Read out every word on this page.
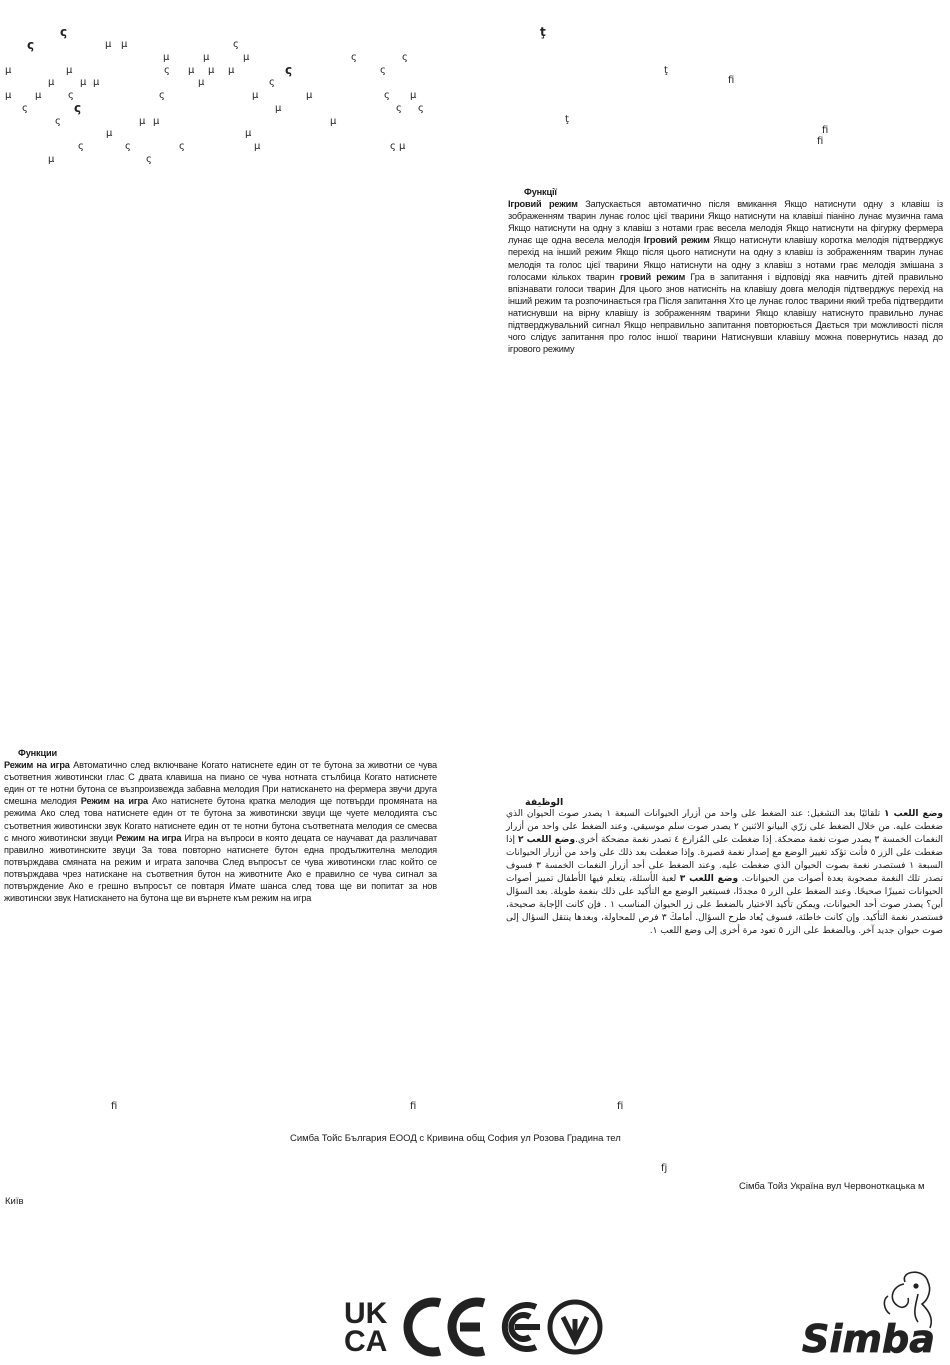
ς
ς	µ µ	ς
µ	µ	µ	ς	ς
µ	µ	ς µ µ µ	ς	ς
µ	µ µ	µ	ς
µ µ	ς	ς	µ	µ	ς µ
ς	ς	ς
µ
µ
ς
ς
µ	µ
µ	µ
ς	ς	ς	µ	ς µ
µ	ς
ţ
ţ
fi
ţ
fi
fi
Функції

Ігровий режим Запускається автоматично після вмикання Якщо натиснути одну з клавіш із зображенням тварин лунає голос цієї тварини Якщо натиснути на клавіші піаніно лунає музична гама Якщо натиснути на одну з клавіш з нотами грає весела мелодія Якщо натиснути на фігурку фермера лунає ще одна весела мелодія Ігровий режим Якщо натиснути клавішу коротка мелодія підтверджує перехід на інший режим Якщо після цього натиснути на одну з клавіш із зображенням тварин лунає мелодія та голос цієї тварини Якщо натиснути на одну з клавіш з нотами грає мелодія змішана з голосами кількох тварин гровий режим Гра в запитання і відповіді яка навчить дітей правильно впізнавати голоси тварин Для цього знов натисніть на клавішу довга мелодія підтверджує перехід на інший режим та розпочинається гра Після запитання Хто це лунає голос тварини який треба підтвердити натиснувши на вірну клавішу із зображенням тварини Якщо клавішу натиснуто правильно лунає підтверджувальний сигнал Якщо неправильно запитання повторюється Дається три можливості після чого слідує запитання про голос іншої тварини Натиснувши клавішу можна повернутись назад до ігрового режиму

Функции

Режим на игра Автоматично след включване Когато натиснете един от те бутона за животни се чува съответния животински глас С двата клавиша на пиано се чува нотната стълбица Когато натиснете един от те нотни бутона се възпроизвежда забавна мелодия При натискането на фермера звучи друга смешна мелодия Режим на игра Ако натиснете бутона кратка мелодия ще потвърди промяната на режима Ако след това натиснете един от те бутона за животински звуци ще чуете мелодията със съответния животински звук Когато натиснете един от те нотни бутона съответната мелодия се смесва с много животински звуци Режим на игра Игра на въпроси в която децата се научават да различават правилно животинските звуци За това повторно натиснете бутон една продължителна мелодия потвърждава смяната на режим и играта започва След въпросът се чува животински глас който се потвърждава чрез натискане на съответния бутон на животните Ако е правилно се чува сигнал за потвърждение Ако е грешно въпросът се повтаря Имате шанса след това ще ви попитат за нов животински звук Натискането на бутона ще ви върнете към режим на игра

الوظيفة

وضع اللعب ١ تلقائيًا بعد التشغيل: عند الضغط على واحد من أزرار الحيوانات السبعة ١ يصدر صوت الحيوان الذي ضغطت عليه. من خلال الضغط على زرّي البيانو الاثنين ٢ يصدر صوت سلم موسيقي. وعند الضغط على واحد من أزرار النغمات الخمسة ٣ يصدر صوت نغمة مضحكة. إذا ضغطت على المُزارع ٤ تصدر نغمة مضحكة أخرى.وضع اللعب ٢ إذا ضغطت على الزر ٥ فأنت تؤكد تغيير الوضع مع إصدار نغمة قصيرة. وإذا ضغطت بعد ذلك على واحد من أزرار الحيوانات السبعة ١ فستصدر نغمة بصوت الحيوان الذي ضغطت عليه. وعند الضغط على أحد أزرار النغمات الخمسة ٣ فسوف تصدر تلك النغمة مصحوبة بعدة أصوات من الحيوانات. وضع اللعب ٣ لعبة الأسئلة، يتعلم فيها الأطفال تمييز أصوات الحيوانات تمييزًا صحيحًا. وعند الضغط على الزر ٥ مجددًا، فسيتغير الوضع مع التأكيد على ذلك بنغمة طويلة. بعد السؤال أين؟ يصدر صوت أحد الحيوانات، ويمكن تأكيد الاختيار بالضغط على زر الحيوان المناسب ١ . فإن كانت الإجابة صحيحة، فستصدر نغمة التأكيد. وإن كانت خاطئة، فسوف يُعاد طرح السؤال. أمامكَ ٣ فرص للمحاولة، وبعدها ينتقل السؤال إلى صوت حيوان جديد آخر. وبالضغط على الزر ٥ تعود مرة أخرى إلى وضع اللعب ١.

fi	fi	fi
fj
Симба Тойс България ЕООД с Кривина общ София ул Розова Градина тел
Сімба Тойз Україна вул Червоноткацька м
Київ
UK
CA	Simba
